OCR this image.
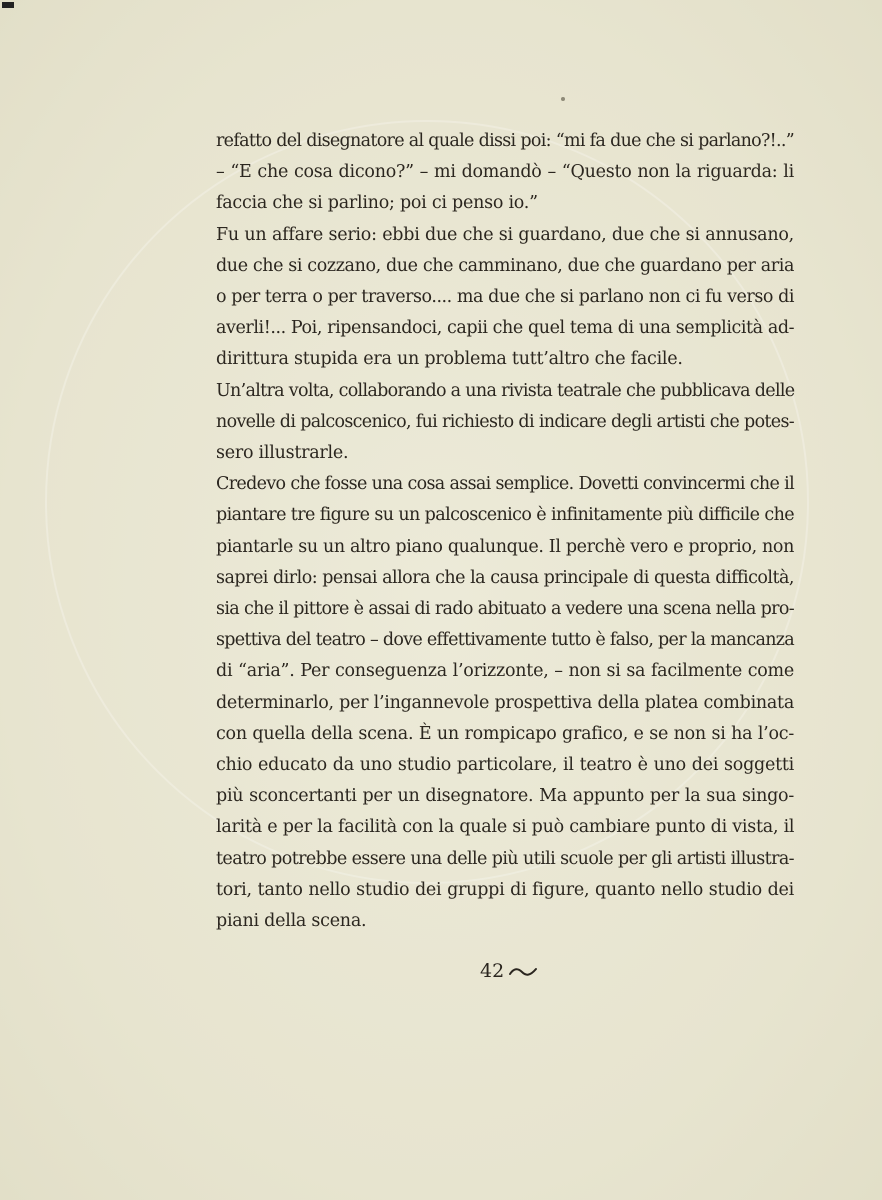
refatto del disegnatore al quale dissi poi: “mi fa due che si parlano?!..”
– “E che cosa dicono?” – mi domandò – “Questo non la riguarda: li
faccia che si parlino; poi ci penso io.”
Fu un affare serio: ebbi due che si guardano, due che si annusano,
due che si cozzano, due che camminano, due che guardano per aria
o per terra o per traverso.... ma due che si parlano non ci fu verso di
averli!... Poi, ripensandoci, capii che quel tema di una semplicità ad-
dirittura stupida era un problema tutt’altro che facile.
Un’altra volta, collaborando a una rivista teatrale che pubblicava delle
novelle di palcoscenico, fui richiesto di indicare degli artisti che potes-
sero illustrarle.
Credevo che fosse una cosa assai semplice. Dovetti convincermi che il
piantare tre figure su un palcoscenico è infinitamente più difficile che
piantarle su un altro piano qualunque. Il perchè vero e proprio, non
saprei dirlo: pensai allora che la causa principale di questa difficoltà,
sia che il pittore è assai di rado abituato a vedere una scena nella pro-
spettiva del teatro – dove effettivamente tutto è falso, per la mancanza
di “aria”. Per conseguenza l’orizzonte, – non si sa facilmente come
determinarlo, per l’ingannevole prospettiva della platea combinata
con quella della scena. È un rompicapo grafico, e se non si ha l’oc-
chio educato da uno studio particolare, il teatro è uno dei soggetti
più sconcertanti per un disegnatore. Ma appunto per la sua singo-
larità e per la facilità con la quale si può cambiare punto di vista, il
teatro potrebbe essere una delle più utili scuole per gli artisti illustra-
tori, tanto nello studio dei gruppi di figure, quanto nello studio dei
piani della scena.
42
